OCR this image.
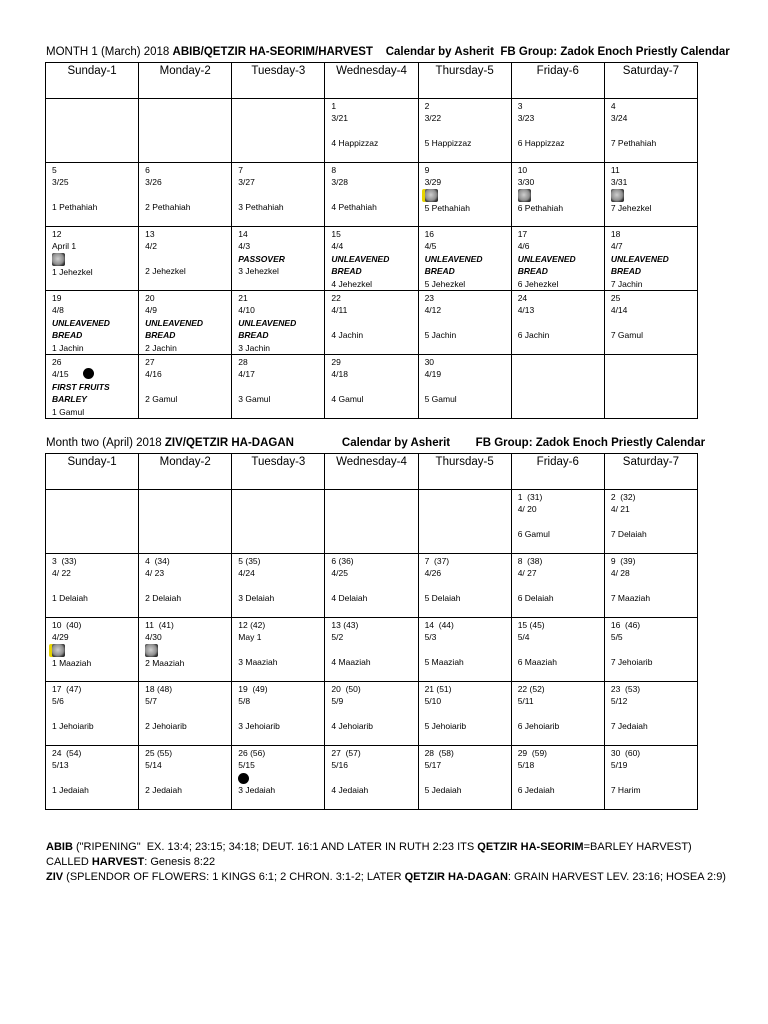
MONTH 1 (March) 2018 ABIB/QETZIR HA-SEORIM/HARVEST Calendar by Asherit FB Group: Zadok Enoch Priestly Calendar
Sunday-1	Monday-2	Tuesday-3	Wednesday-4	Thursday-5	Friday-6	Saturday-7

			1
3/21
4 Happizzaz	2
3/22
5 Happizzaz	3
3/23
6 Happizzaz	4
3/24
7 Pethahiah

5
3/25
1 Pethahiah	6
3/26
2 Pethahiah	7
3/27
3 Pethahiah	8
3/28
4 Pethahiah	9
3/29
5 Pethahiah	10
3/30
6 Pethahiah	11
3/31
7 Jehezkel

12
April 1
1 Jehezkel	13
4/2
2 Jehezkel	14
4/3
PASSOVER
3 Jehezkel	15
4/4
UNLEAVENED
BREAD
4 Jehezkel	16
4/5
UNLEAVENED
BREAD
5 Jehezkel	17
4/6
UNLEAVENED
BREAD
6 Jehezkel	18
4/7
UNLEAVENED
BREAD
7 Jachin

19
4/8
UNLEAVENED
BREAD
1 Jachin	20
4/9
UNLEAVENED
BREAD
2 Jachin	21
4/10
UNLEAVENED
BREAD
3 Jachin	22
4/11
4 Jachin	23
4/12
5 Jachin	24
4/13
6 Jachin	25
4/14
7 Gamul

26
4/15
FIRST FRUITS
BARLEY
1 Gamul	27
4/16
2 Gamul	28
4/17
3 Gamul	29
4/18
4 Gamul	30
4/19
5 Gamul		

Month two (April) 2018 ZIV/QETZIR HA-DAGAN	Calendar by Asherit FB Group: Zadok Enoch Priestly Calendar
Sunday-1	Monday-2	Tuesday-3	Wednesday-4	Thursday-5	Friday-6	Saturday-7

					1  (31)
4/ 20
6 Gamul	2  (32)
4/ 21
7 Delaiah

3  (33)
4/ 22
1 Delaiah	4  (34)
4/ 23
2 Delaiah	5 (35)
4/24
3 Delaiah	6 (36)
4/25
4 Delaiah	7  (37)
4/26
5 Delaiah	8  (38)
4/ 27
6 Delaiah	9  (39)
4/ 28
7 Maaziah

10  (40)
4/29
1 Maaziah	11  (41)
4/30
2 Maaziah	12 (42)
May 1
3 Maaziah	13 (43)
5/2
4 Maaziah	14  (44)
5/3
5 Maaziah	15 (45)
5/4
6 Maaziah	16  (46)
5/5
7 Jehoiarib

17  (47)
5/6
1 Jehoiarib	18 (48)
5/7
2 Jehoiarib	19  (49)
5/8
3 Jehoiarib	20  (50)
5/9
4 Jehoiarib	21 (51)
5/10
5 Jehoiarib	22 (52)
5/11
6 Jehoiarib	23  (53)
5/12
7 Jedaiah

24  (54)
5/13
1 Jedaiah	25 (55)
5/14
2 Jedaiah	26 (56)
5/15
3 Jedaiah	27  (57)
5/16
4 Jedaiah	28  (58)
5/17
5 Jedaiah	29  (59)
5/18
6 Jedaiah	30  (60)
5/19
7 Harim
ABIB ("RIPENING"  EX. 13:4; 23:15; 34:18; DEUT. 16:1 AND LATER IN RUTH 2:23 ITS QETZIR HA-SEORIM=BARLEY HARVEST)
CALLED HARVEST: Genesis 8:22
ZIV (SPLENDOR OF FLOWERS: 1 KINGS 6:1; 2 CHRON. 3:1-2; LATER QETZIR HA-DAGAN: GRAIN HARVEST LEV. 23:16; HOSEA 2:9)
